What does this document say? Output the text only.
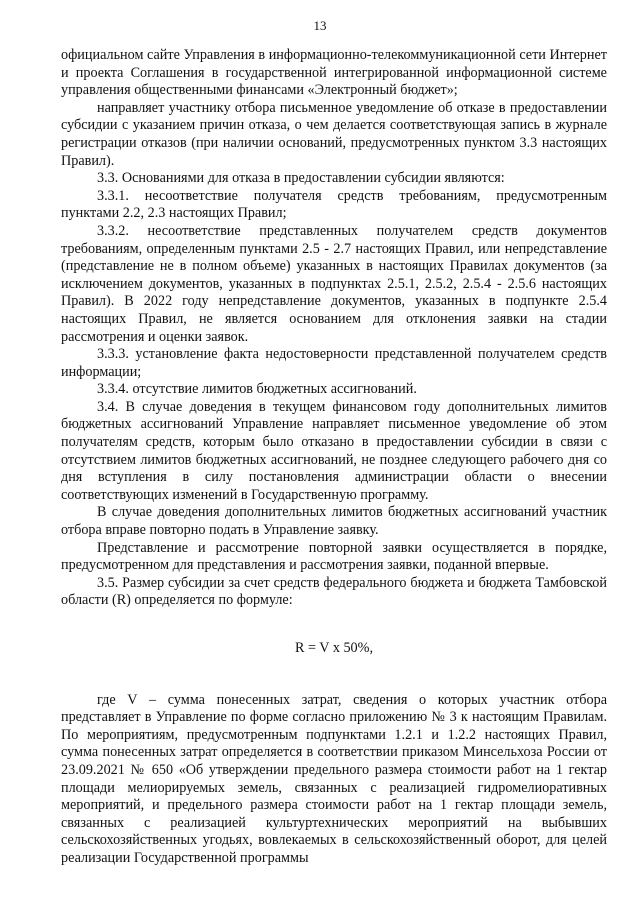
13

официальном сайте Управления в информационно-телекоммуникационной сети Интернет и проекта Соглашения в государственной интегрированной информационной системе управления общественными финансами «Электронный бюджет»;

направляет участнику отбора письменное уведомление об отказе в предоставлении субсидии с указанием причин отказа, о чем делается соответствующая запись в журнале регистрации отказов (при наличии оснований, предусмотренных пунктом 3.3 настоящих Правил).

3.3. Основаниями для отказа в предоставлении субсидии являются:

3.3.1. несоответствие получателя средств требованиям, предусмотренным пунктами 2.2, 2.3 настоящих Правил;

3.3.2. несоответствие представленных получателем средств документов требованиям, определенным пунктами 2.5 - 2.7 настоящих Правил, или непредставление (представление не в полном объеме) указанных в настоящих Правилах документов (за исключением документов, указанных в подпунктах 2.5.1, 2.5.2, 2.5.4 - 2.5.6 настоящих Правил). В 2022 году непредставление документов, указанных в подпункте 2.5.4 настоящих Правил, не является основанием для отклонения заявки на стадии рассмотрения и оценки заявок.

3.3.3. установление факта недостоверности представленной получателем средств информации;

3.3.4. отсутствие лимитов бюджетных ассигнований.

3.4. В случае доведения в текущем финансовом году дополнительных лимитов бюджетных ассигнований Управление направляет письменное уведомление об этом получателям средств, которым было отказано в предоставлении субсидии в связи с отсутствием лимитов бюджетных ассигнований, не позднее следующего рабочего дня со дня вступления в силу постановления администрации области о внесении соответствующих изменений в Государственную программу.

В случае доведения дополнительных лимитов бюджетных ассигнований участник отбора вправе повторно подать в Управление заявку.

Представление и рассмотрение повторной заявки осуществляется в порядке, предусмотренном для представления и рассмотрения заявки, поданной впервые.

3.5. Размер субсидии за счет средств федерального бюджета и бюджета Тамбовской области (R) определяется по формуле:

R = V x 50%,

где V – сумма понесенных затрат, сведения о которых участник отбора представляет в Управление по форме согласно приложению № 3 к настоящим Правилам. По мероприятиям, предусмотренным подпунктами 1.2.1 и 1.2.2 настоящих Правил, сумма понесенных затрат определяется в соответствии приказом Минсельхоза России от 23.09.2021 № 650 «Об утверждении предельного размера стоимости работ на 1 гектар площади мелиорируемых земель, связанных с реализацией гидромелиоративных мероприятий, и предельного размера стоимости работ на 1 гектар площади земель, связанных с реализацией культуртехнических мероприятий на выбывших сельскохозяйственных угодьях, вовлекаемых в сельскохозяйственный оборот, для целей реализации Государственной программы
